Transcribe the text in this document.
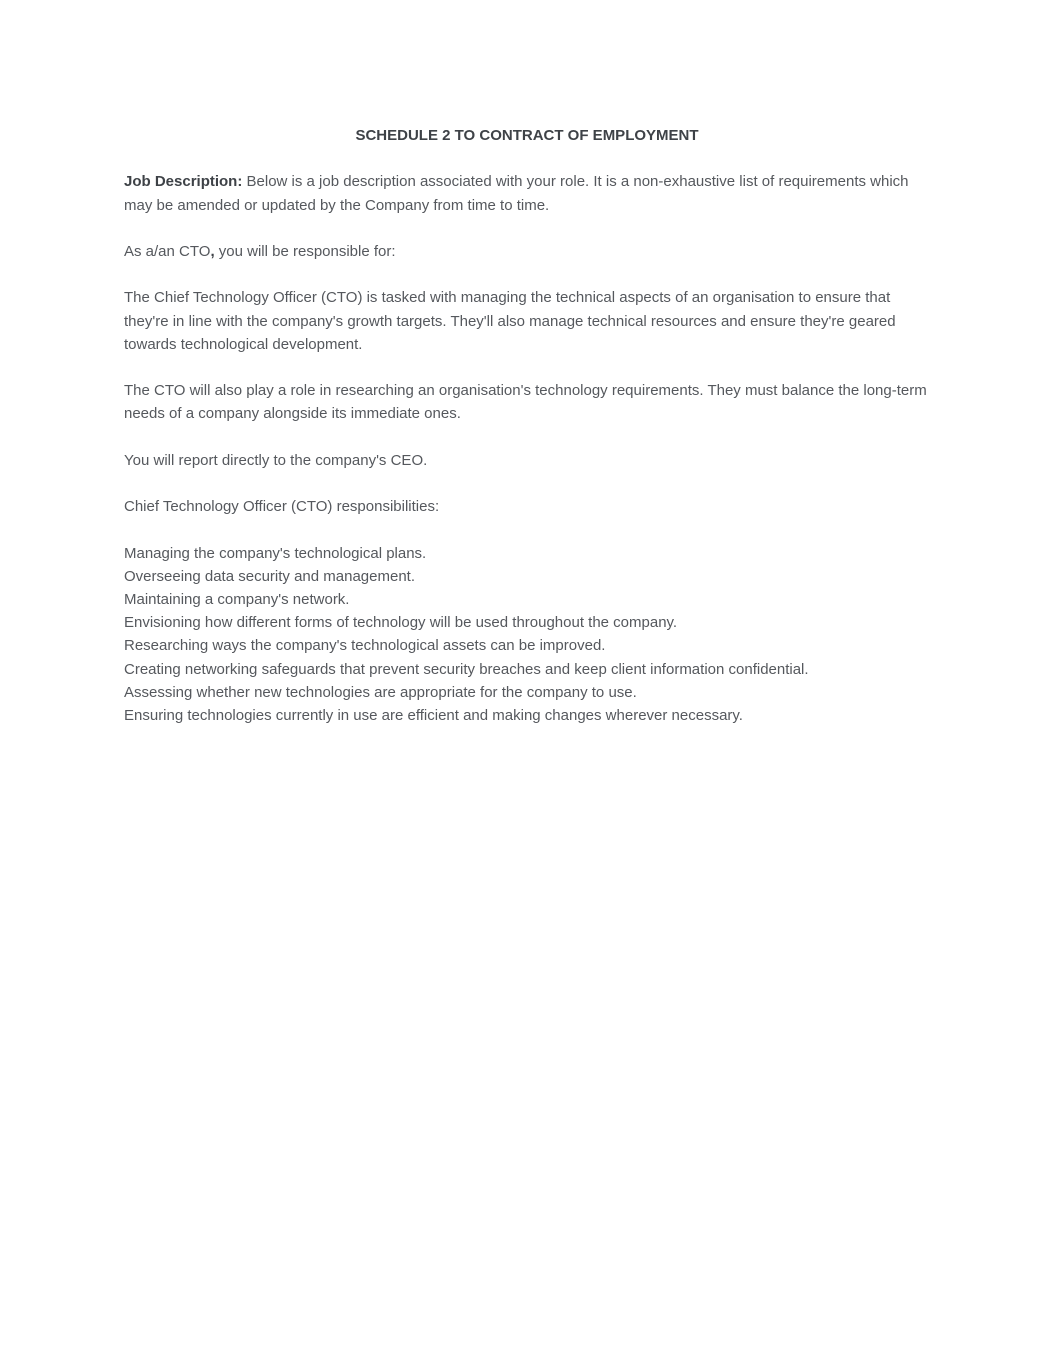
SCHEDULE 2 TO CONTRACT OF EMPLOYMENT

Job Description: Below is a job description associated with your role. It is a non-exhaustive list of requirements which may be amended or updated by the Company from time to time.

As a/an CTO, you will be responsible for:

The Chief Technology Officer (CTO) is tasked with managing the technical aspects of an organisation to ensure that they're in line with the company's growth targets. They'll also manage technical resources and ensure they're geared towards technological development.

The CTO will also play a role in researching an organisation's technology requirements. They must balance the long-term needs of a company alongside its immediate ones.

You will report directly to the company's CEO.

Chief Technology Officer (CTO) responsibilities:

Managing the company's technological plans.
Overseeing data security and management.
Maintaining a company's network.
Envisioning how different forms of technology will be used throughout the company.
Researching ways the company's technological assets can be improved.
Creating networking safeguards that prevent security breaches and keep client information confidential.
Assessing whether new technologies are appropriate for the company to use.
Ensuring technologies currently in use are efficient and making changes wherever necessary.
